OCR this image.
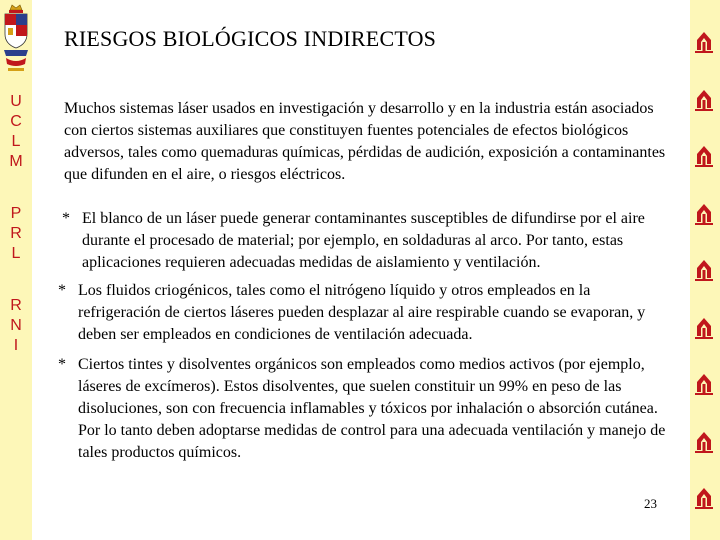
U
C
L
M
P
R
L
R
N
I
RIESGOS BIOLÓGICOS INDIRECTOS

Muchos sistemas láser usados en investigación y desarrollo y en la industria están asociados con ciertos sistemas auxiliares que constituyen fuentes potenciales de efectos biológicos adversos, tales como quemaduras químicas, pérdidas de audición, exposición a contaminantes que difunden en el aire, o riesgos eléctricos.

* El blanco de un láser puede generar contaminantes susceptibles de difundirse por el aire durante el procesado de material; por ejemplo, en soldaduras al arco. Por tanto, estas aplicaciones requieren adecuadas medidas de aislamiento y ventilación.
* Los fluidos criogénicos, tales como el nitrógeno líquido y otros empleados en la refrigeración de ciertos láseres pueden desplazar al aire respirable cuando se evaporan, y deben ser empleados en condiciones de ventilación adecuada.
* Ciertos tintes y disolventes orgánicos son empleados como medios activos (por ejemplo, láseres de excímeros). Estos disolventes, que suelen constituir un 99% en peso de las disoluciones, son con frecuencia inflamables y tóxicos por inhalación o absorción cutánea. Por lo tanto deben adoptarse medidas de control para una adecuada ventilación y manejo de tales productos químicos.
23
